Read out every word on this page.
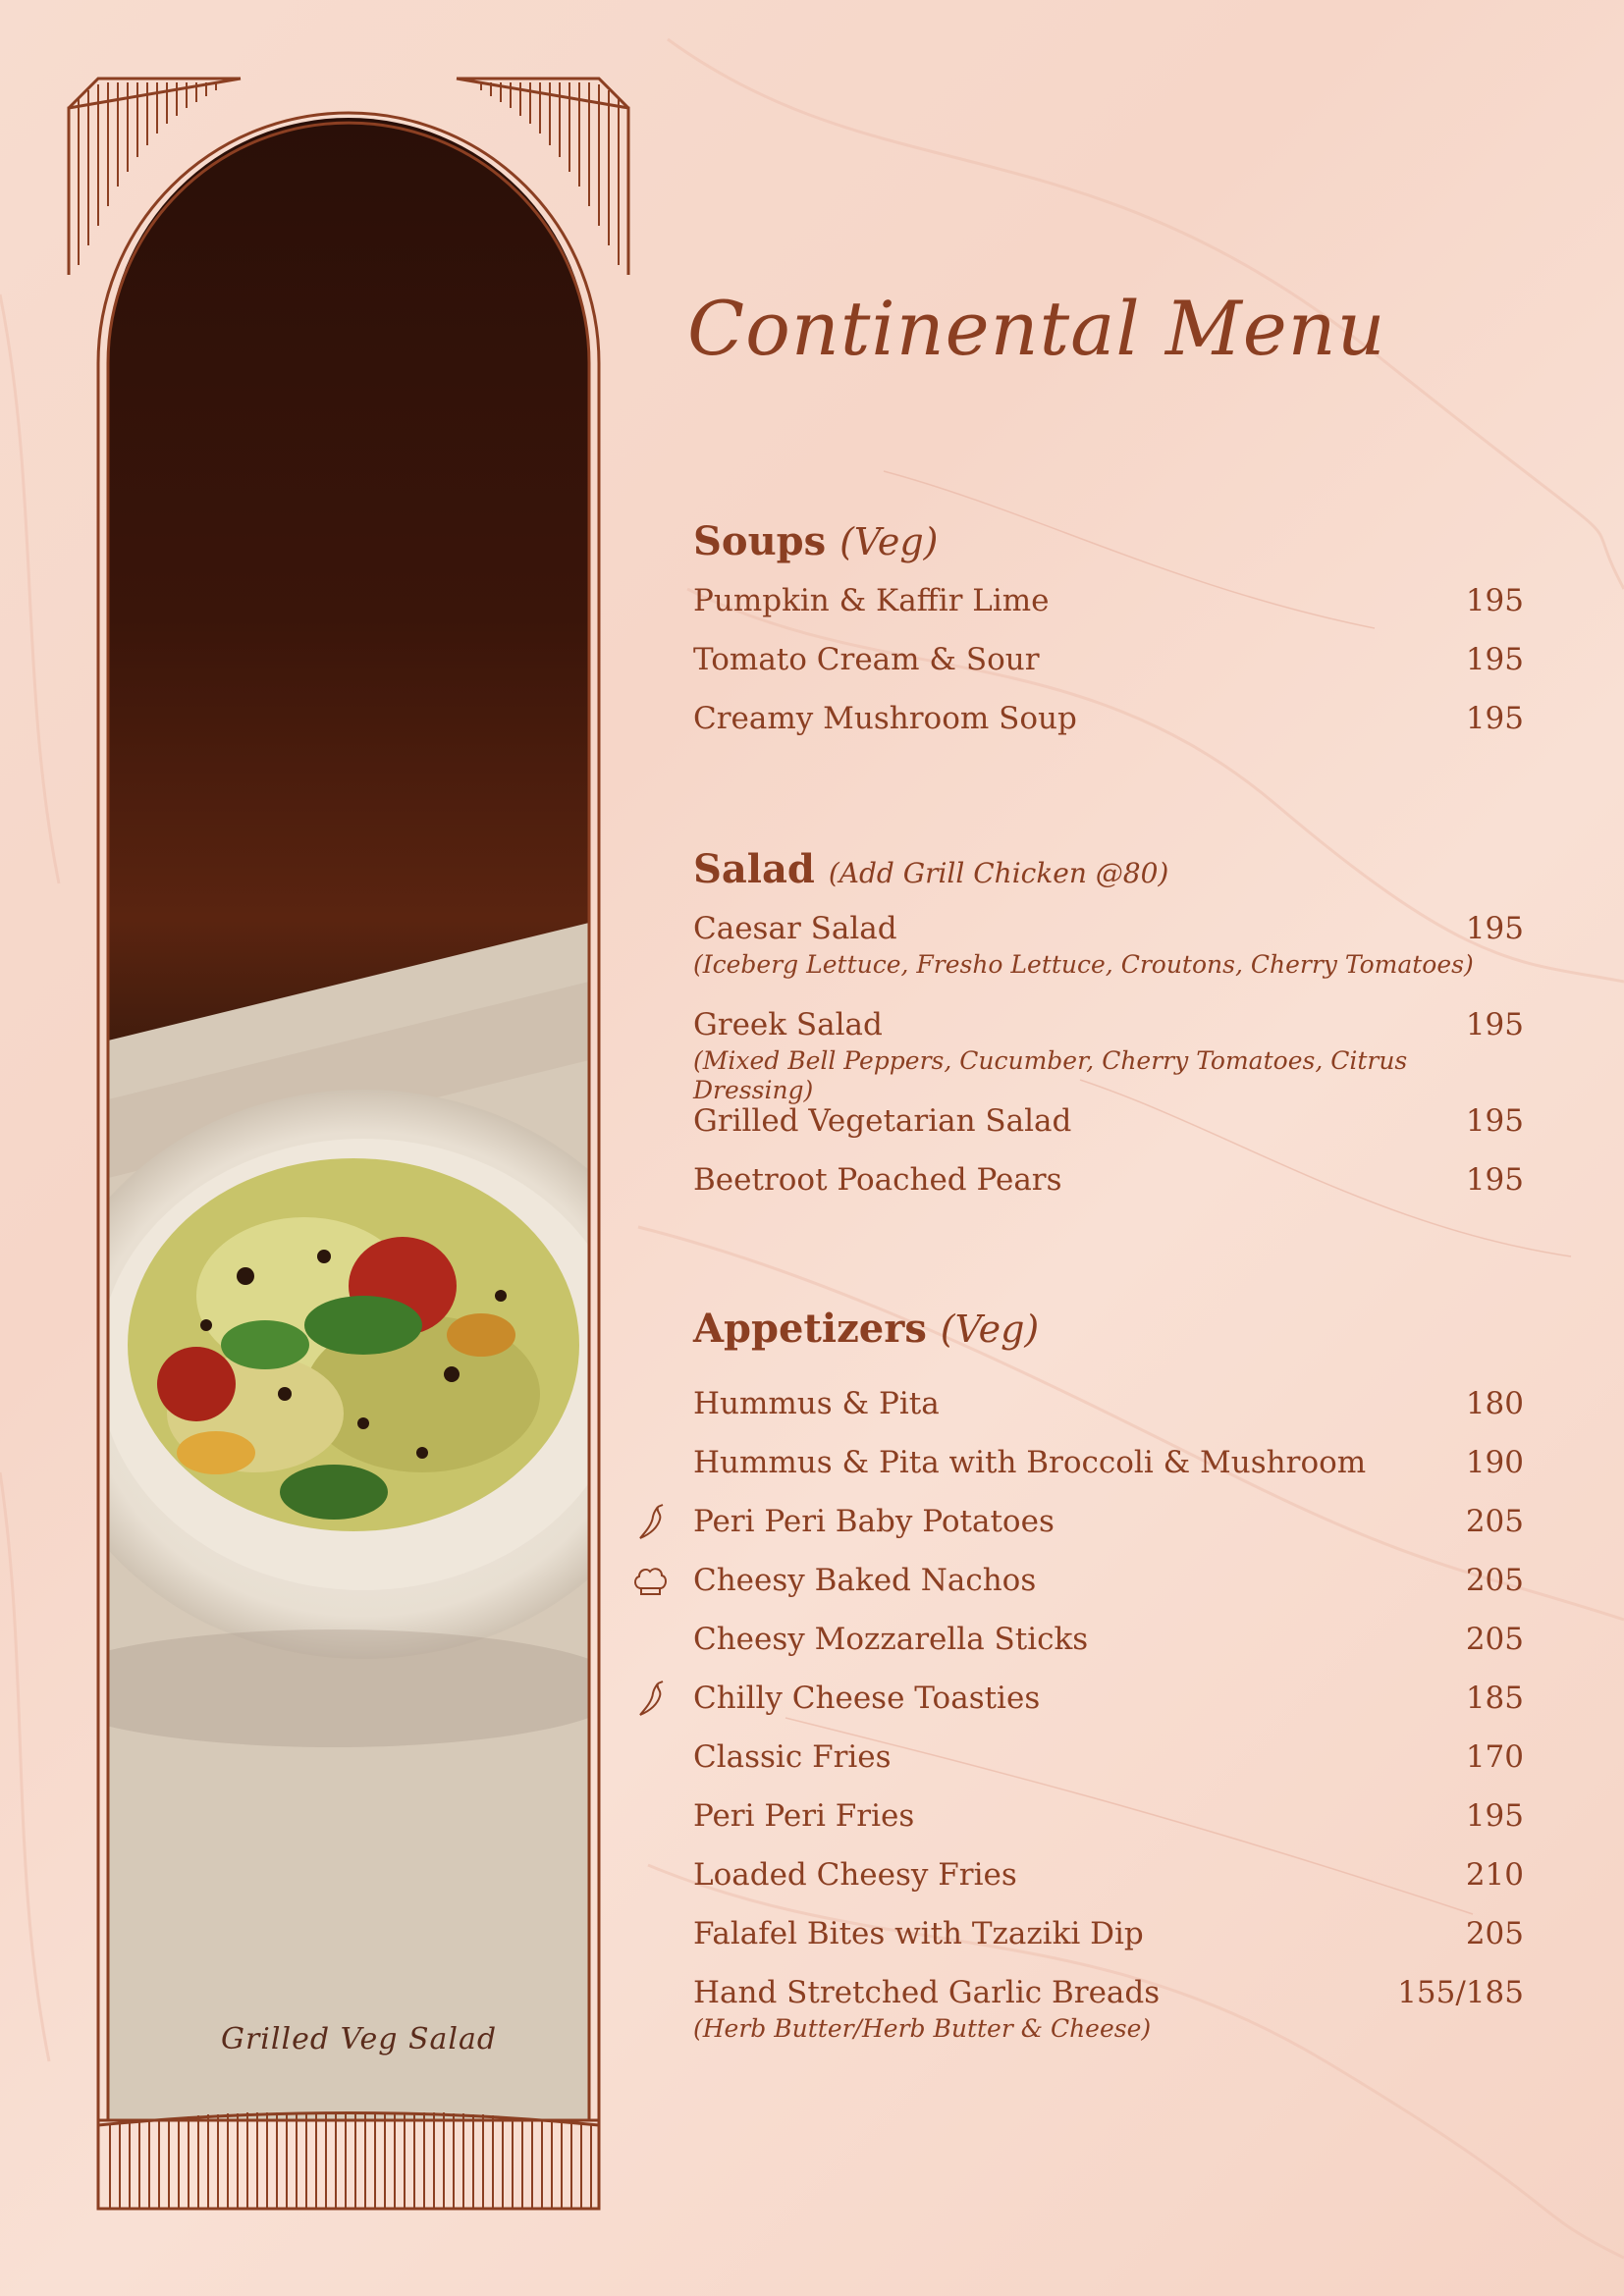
Grilled Veg Salad
Continental Menu
Soups (Veg)
Pumpkin & Kaffir Lime	195
Tomato Cream & Sour	195
Creamy Mushroom Soup	195
Salad (Add Grill Chicken @80)
Caesar Salad	195
(Iceberg Lettuce, Fresho Lettuce, Croutons, Cherry Tomatoes)
Greek Salad	195
(Mixed Bell Peppers, Cucumber, Cherry Tomatoes, Citrus Dressing)
Grilled Vegetarian Salad	195
Beetroot Poached Pears	195
Appetizers (Veg)
Hummus & Pita	180
Hummus & Pita with Broccoli & Mushroom	190
Peri Peri Baby Potatoes	205
Cheesy Baked Nachos	205
Cheesy Mozzarella Sticks	205
Chilly Cheese Toasties	185
Classic Fries	170
Peri Peri Fries	195
Loaded Cheesy Fries	210
Falafel Bites with Tzaziki Dip	205
Hand Stretched Garlic Breads	155/185
(Herb Butter/Herb Butter & Cheese)
